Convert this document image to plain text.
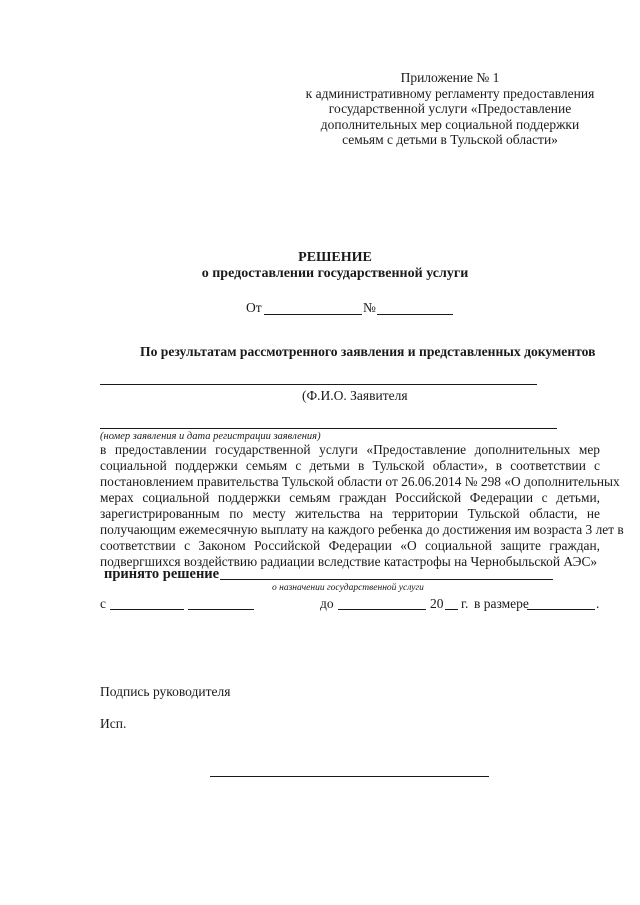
Приложение № 1
к административному регламенту предоставления
государственной услуги «Предоставление
дополнительных мер социальной поддержки
семьям с детьми в Тульской области»
РЕШЕНИЕ
о предоставлении государственной услуги
От	№
По результатам рассмотренного заявления и представленных документов
(Ф.И.О. Заявителя
(номер заявления и дата регистрации заявления)
в предоставлении государственной услуги «Предоставление дополнительных мер
социальной поддержки семьям с детьми в Тульской области», в соответствии с
постановлением правительства Тульской области от 26.06.2014 № 298 «О дополнительных
мерах социальной поддержки семьям граждан Российской Федерации с детьми,
зарегистрированным по месту жительства на территории Тульской области, не
получающим ежемесячную выплату на каждого ребенка до достижения им возраста 3 лет в
соответствии с Законом Российской Федерации «О социальной защите граждан,
подвергшихся воздействию радиации вследствие катастрофы на Чернобыльской АЭС»
принято решение
о назначении государственной услуги
с	до	20 г. в размере	.
Подпись руководителя
Исп.
